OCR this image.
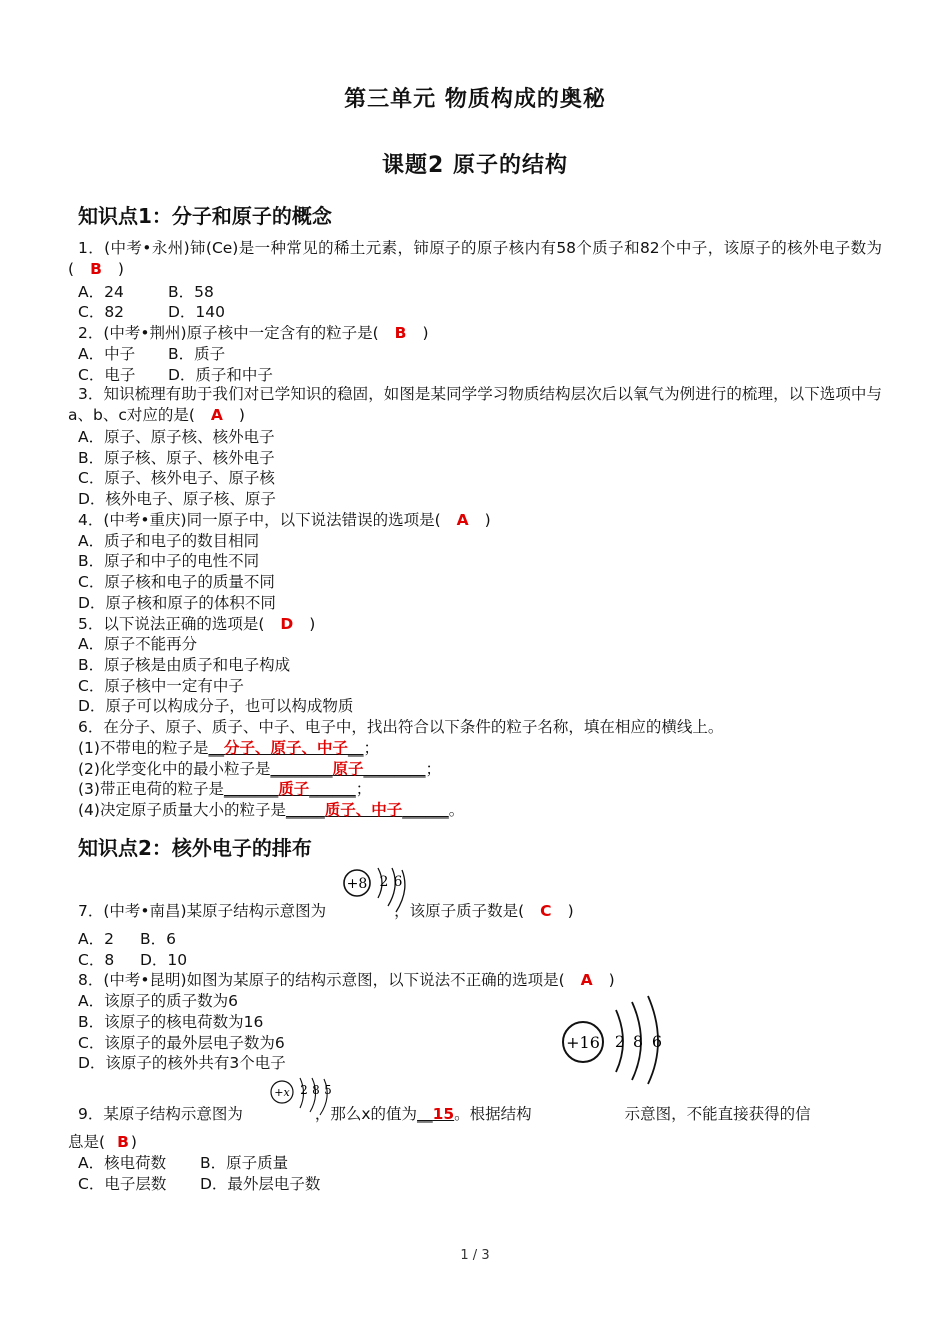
第三单元 物质构成的奥秘
课题2 原子的结构
知识点1：分子和原子的概念
1．(中考•永州)铈(Ce)是一种常见的稀土元素，铈原子的原子核内有58个质子和82个中子，该原子的核外电子数为( B )
A．24	B．58
C．82	D．140
2．(中考•荆州)原子核中一定含有的粒子是( B )
A．中子 B．质子
C．电子 D．质子和中子
3．知识梳理有助于我们对已学知识的稳固，如图是某同学学习物质结构层次后以氧气为例进行的梳理，以下选项中与a、b、c对应的是( A )
A．原子、原子核、核外电子
B．原子核、原子、核外电子
C．原子、核外电子、原子核
D．核外电子、原子核、原子
4．(中考•重庆)同一原子中，以下说法错误的选项是( A )
A．质子和电子的数目相同
B．原子和中子的电性不同
C．原子核和电子的质量不同
D．原子核和原子的体积不同
5．以下说法正确的选项是( D )
A．原子不能再分
B．原子核是由质子和电子构成
C．原子核中一定有中子
D．原子可以构成分子，也可以构成物质
6．在分子、原子、质子、中子、电子中，找出符合以下条件的粒子名称，填在相应的横线上。
(1)不带电的粒子是__分子、原子、中子__；
(2)化学变化中的最小粒子是________原子________；
(3)带正电荷的粒子是_______质子______；
(4)决定原子质量大小的粒子是_____质子、中子______。
知识点2：核外电子的排布
7．(中考•南昌)某原子结构示意图为	，该原子质子数是( C )
+8 2 6
A．2 B．6
C．8 D．10
8．(中考•昆明)如图为某原子的结构示意图，以下说法不正确的选项是( A )
A．该原子的质子数为6
B．该原子的核电荷数为16
C．该原子的最外层电子数为6
D．该原子的核外共有3个电子
+16 2 8 6
+x 2 8 5
9．某原子结构示意图为	，那么x的值为__15。根据结构	示意图，不能直接获得的信
息是( B )
A．核电荷数 B．原子质量
C．电子层数 D．最外层电子数
1 / 3
